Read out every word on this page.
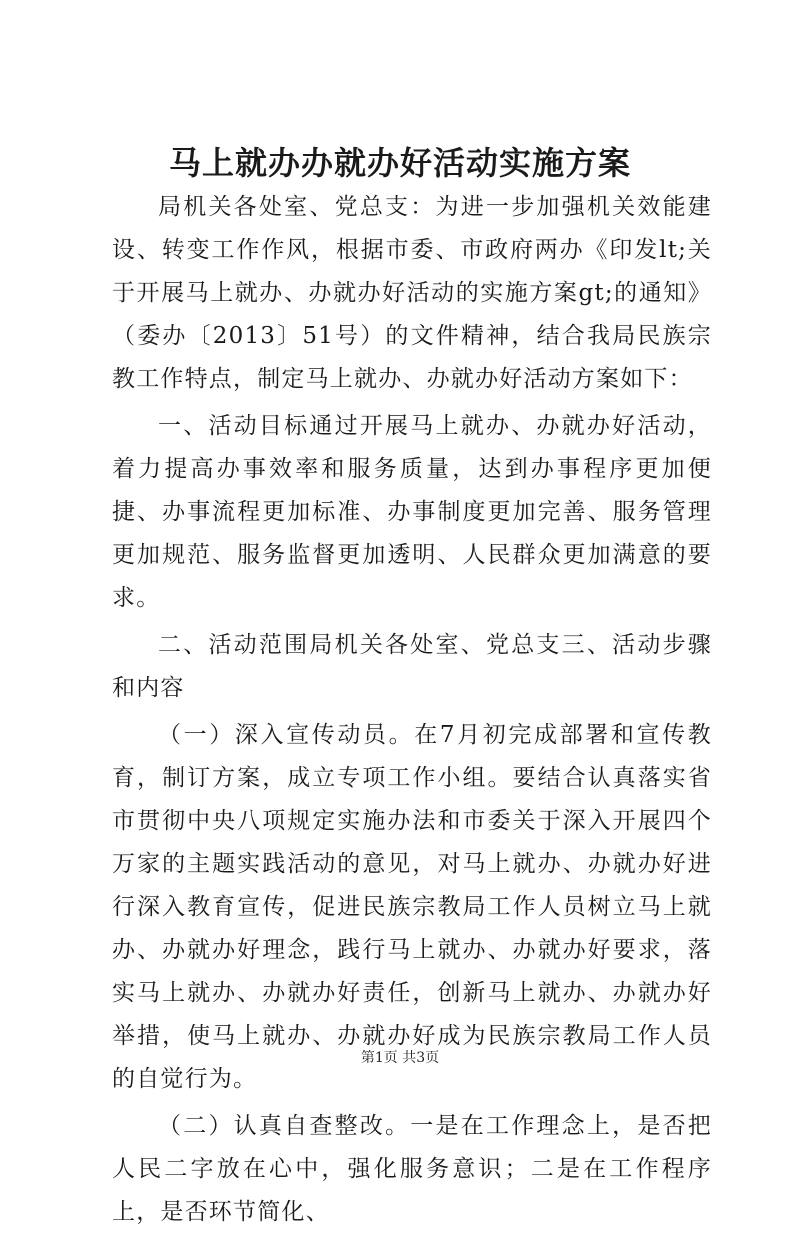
马上就办办就办好活动实施方案

局机关各处室、党总支：为进一步加强机关效能建设、转变工作作风，根据市委、市政府两办《印发lt;关于开展马上就办、办就办好活动的实施方案gt;的通知》（委办〔2013〕51号）的文件精神，结合我局民族宗教工作特点，制定马上就办、办就办好活动方案如下：

一、活动目标通过开展马上就办、办就办好活动，着力提高办事效率和服务质量，达到办事程序更加便捷、办事流程更加标准、办事制度更加完善、服务管理更加规范、服务监督更加透明、人民群众更加满意的要求。

二、活动范围局机关各处室、党总支三、活动步骤和内容

（一）深入宣传动员。在7月初完成部署和宣传教育，制订方案，成立专项工作小组。要结合认真落实省市贯彻中央八项规定实施办法和市委关于深入开展四个万家的主题实践活动的意见，对马上就办、办就办好进行深入教育宣传，促进民族宗教局工作人员树立马上就办、办就办好理念，践行马上就办、办就办好要求，落实马上就办、办就办好责任，创新马上就办、办就办好举措，使马上就办、办就办好成为民族宗教局工作人员的自觉行为。

（二）认真自查整改。一是在工作理念上，是否把人民二字放在心中，强化服务意识；二是在工作程序上，是否环节简化、

第1页 共3页
